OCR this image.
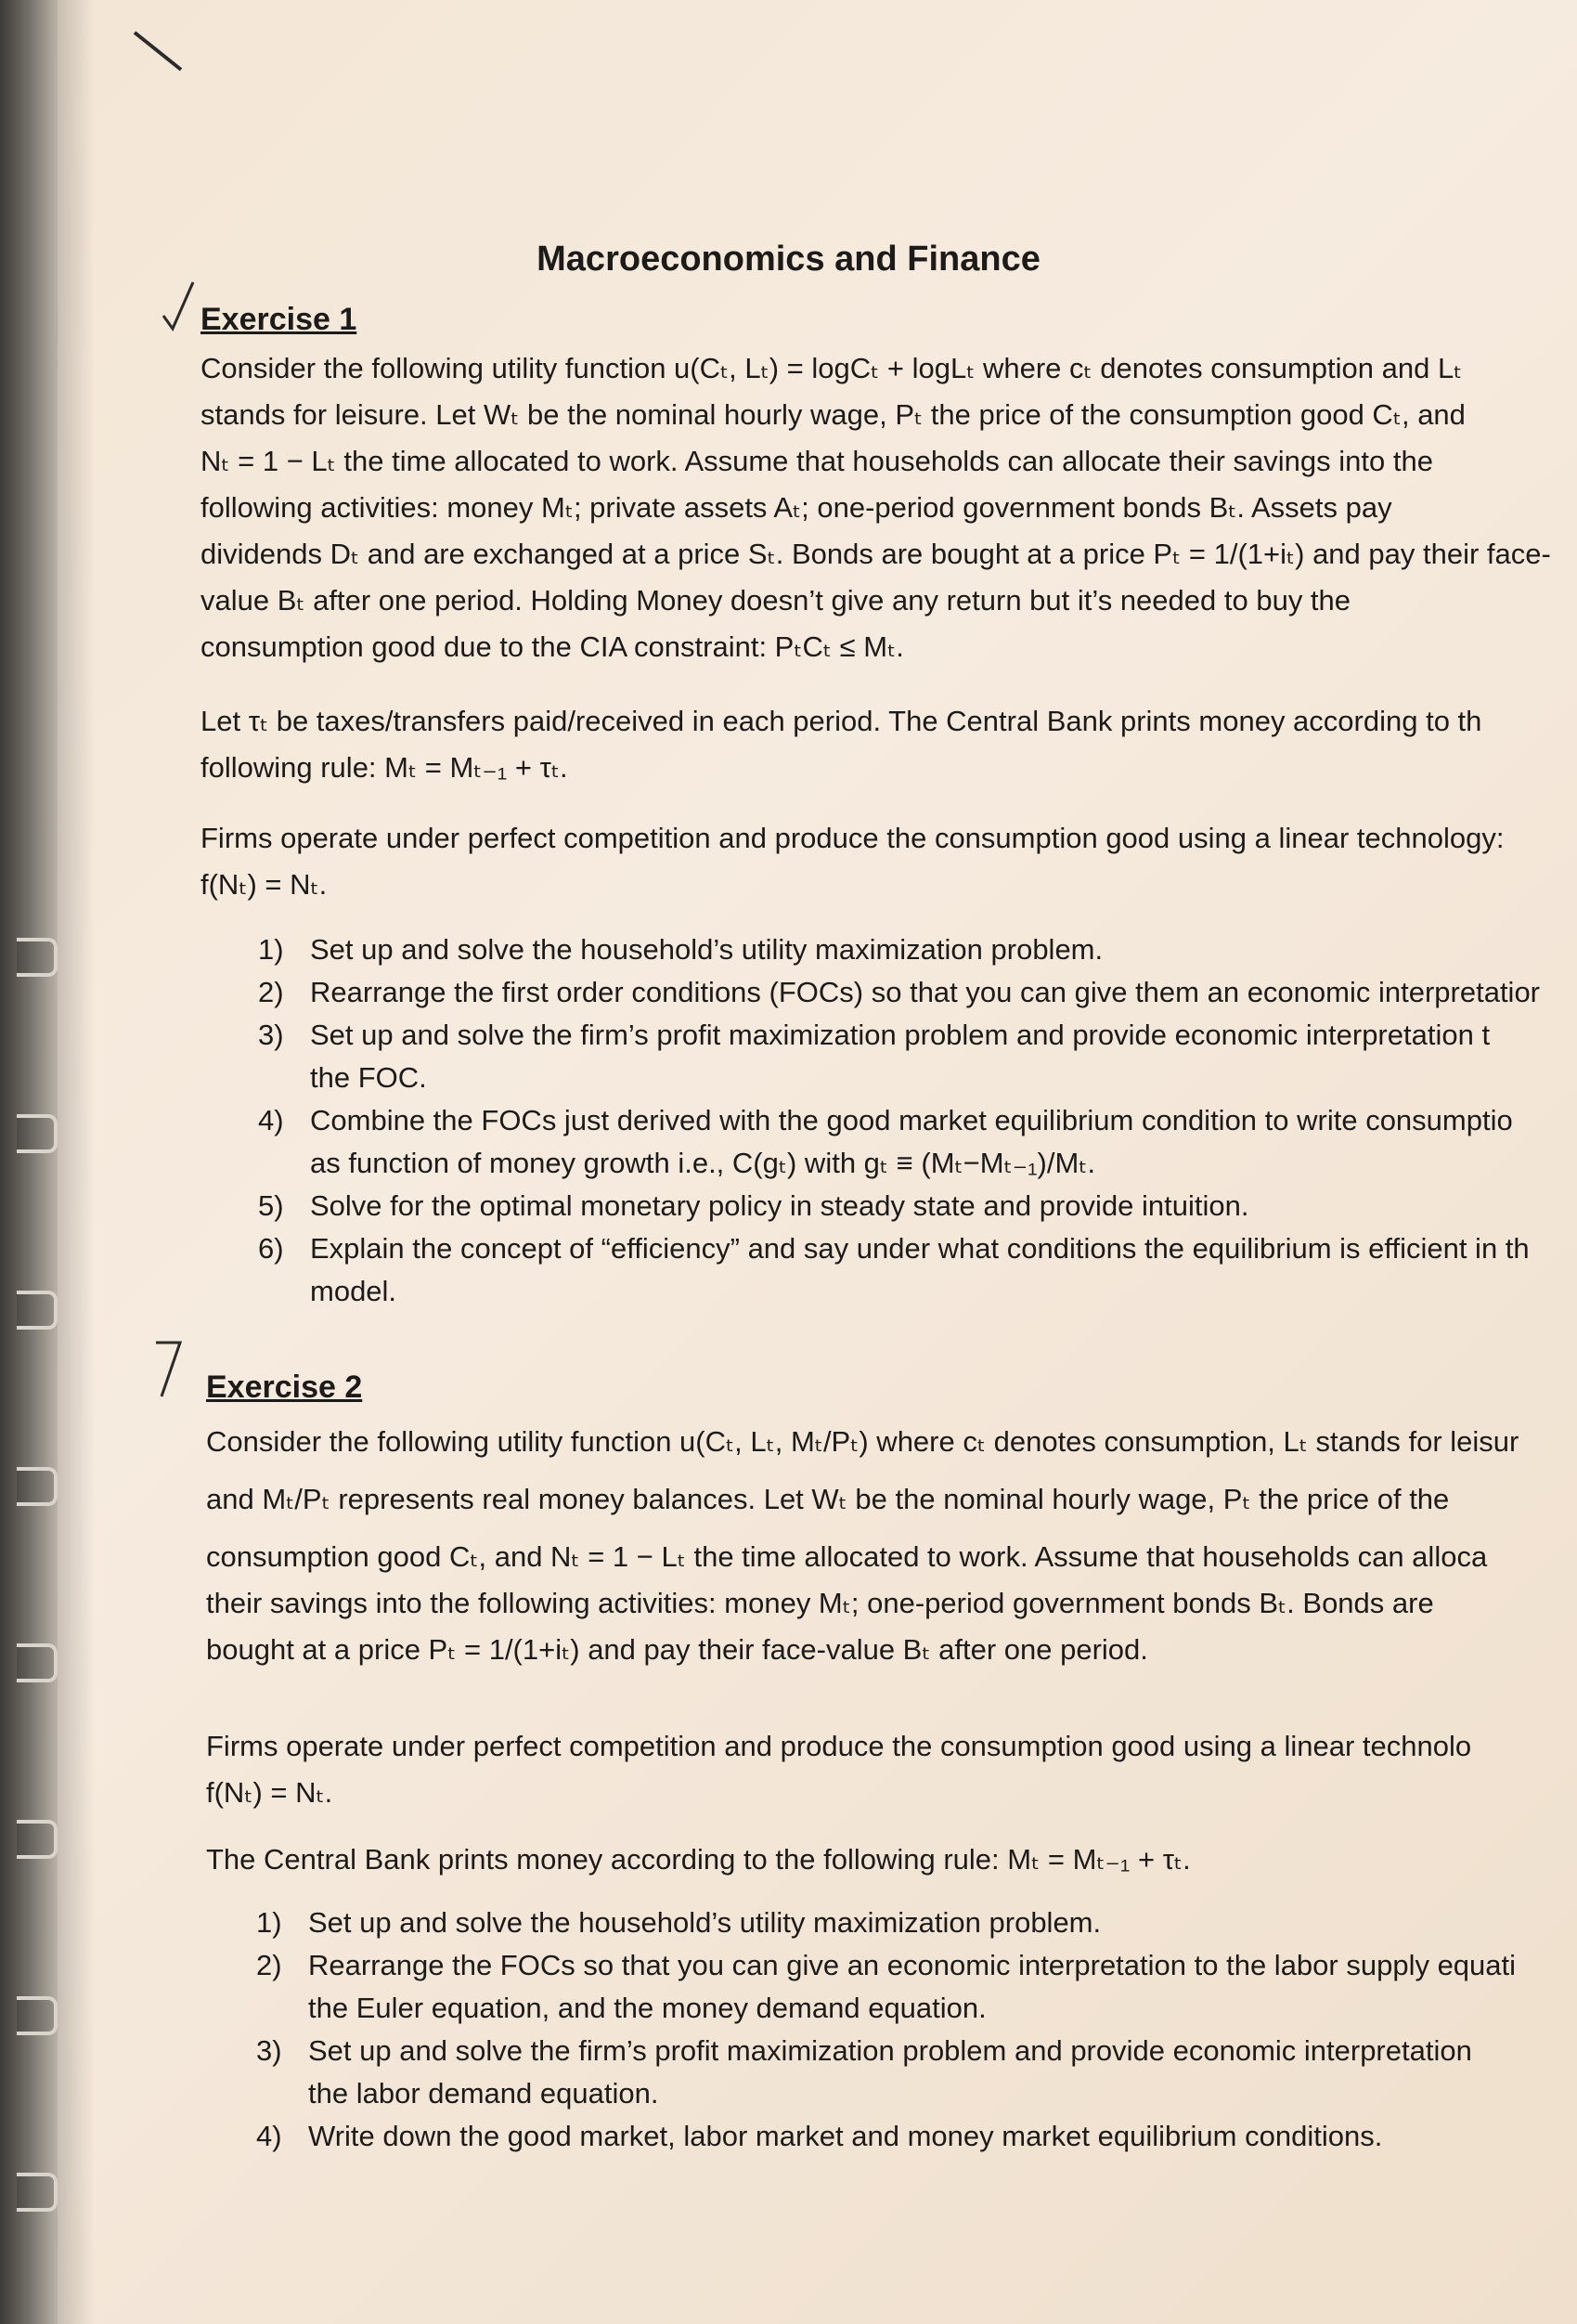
Macroeconomics and Finance
Exercise 1
Consider the following utility function u(Cₜ, Lₜ) = logCₜ + logLₜ where cₜ denotes consumption and Lₜ
stands for leisure. Let Wₜ be the nominal hourly wage, Pₜ the price of the consumption good Cₜ, and
Nₜ = 1 − Lₜ the time allocated to work. Assume that households can allocate their savings into the
following activities: money Mₜ; private assets Aₜ; one-period government bonds Bₜ. Assets pay
dividends Dₜ and are exchanged at a price Sₜ. Bonds are bought at a price Pₜ = 1/(1+iₜ) and pay their face-
value Bₜ after one period. Holding Money doesn’t give any return but it’s needed to buy the
consumption good due to the CIA constraint: PₜCₜ ≤ Mₜ.
Let τₜ be taxes/transfers paid/received in each period. The Central Bank prints money according to th
following rule: Mₜ = Mₜ₋₁ + τₜ.
Firms operate under perfect competition and produce the consumption good using a linear technology:
f(Nₜ) = Nₜ.
1) Set up and solve the household’s utility maximization problem.
2) Rearrange the first order conditions (FOCs) so that you can give them an economic interpretatior
3) Set up and solve the firm’s profit maximization problem and provide economic interpretation t
the FOC.
4) Combine the FOCs just derived with the good market equilibrium condition to write consumptio
as function of money growth i.e., C(gₜ) with gₜ ≡ (Mₜ−Mₜ₋₁)/Mₜ.
5) Solve for the optimal monetary policy in steady state and provide intuition.
6) Explain the concept of “efficiency” and say under what conditions the equilibrium is efficient in th
model.
Exercise 2
Consider the following utility function u(Cₜ, Lₜ, Mₜ/Pₜ) where cₜ denotes consumption, Lₜ stands for leisur
and Mₜ/Pₜ represents real money balances. Let Wₜ be the nominal hourly wage, Pₜ the price of the
consumption good Cₜ, and Nₜ = 1 − Lₜ the time allocated to work. Assume that households can alloca
their savings into the following activities: money Mₜ; one-period government bonds Bₜ. Bonds are
bought at a price Pₜ = 1/(1+iₜ) and pay their face-value Bₜ after one period.
Firms operate under perfect competition and produce the consumption good using a linear technolo
f(Nₜ) = Nₜ.
The Central Bank prints money according to the following rule: Mₜ = Mₜ₋₁ + τₜ.
1) Set up and solve the household’s utility maximization problem.
2) Rearrange the FOCs so that you can give an economic interpretation to the labor supply equati
the Euler equation, and the money demand equation.
3) Set up and solve the firm’s profit maximization problem and provide economic interpretation
the labor demand equation.
4) Write down the good market, labor market and money market equilibrium conditions.
